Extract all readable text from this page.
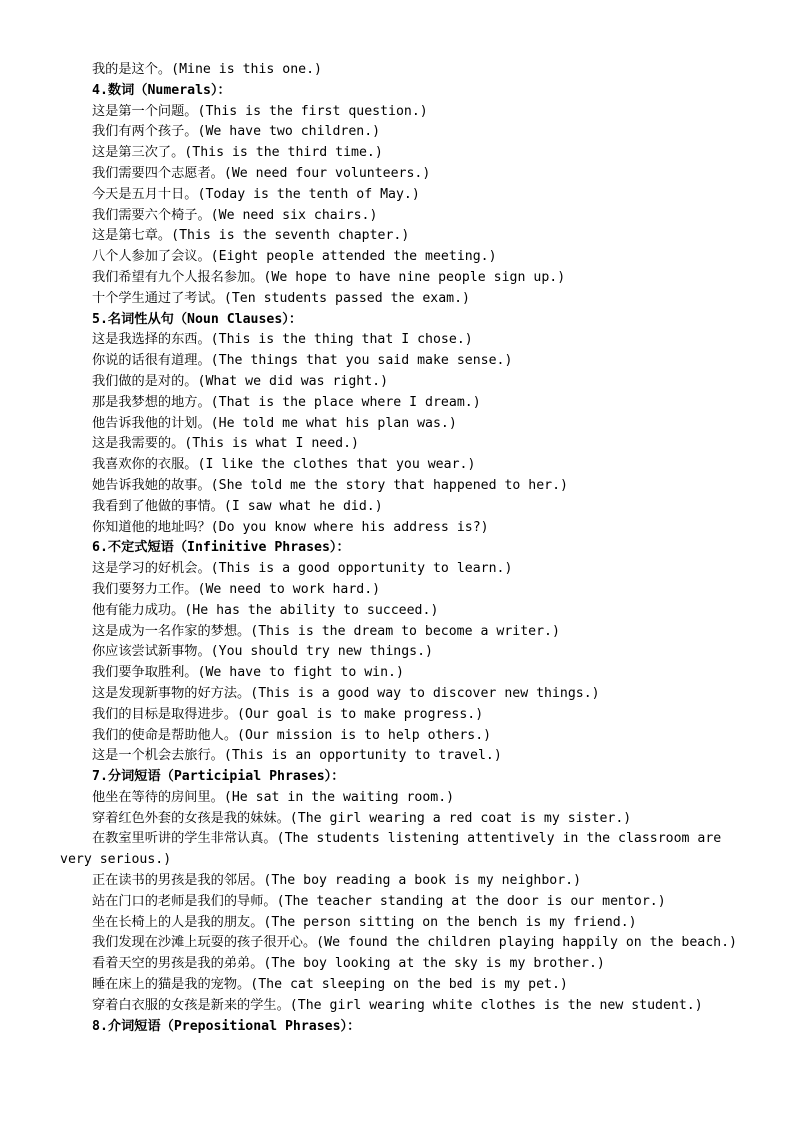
我的是这个。(Mine is this one.)
4.数词（Numerals）：
这是第一个问题。(This is the first question.)
我们有两个孩子。(We have two children.)
这是第三次了。(This is the third time.)
我们需要四个志愿者。(We need four volunteers.)
今天是五月十日。(Today is the tenth of May.)
我们需要六个椅子。(We need six chairs.)
这是第七章。(This is the seventh chapter.)
八个人参加了会议。(Eight people attended the meeting.)
我们希望有九个人报名参加。(We hope to have nine people sign up.)
十个学生通过了考试。(Ten students passed the exam.)
5.名词性从句（Noun Clauses）：
这是我选择的东西。(This is the thing that I chose.)
你说的话很有道理。(The things that you said make sense.)
我们做的是对的。(What we did was right.)
那是我梦想的地方。(That is the place where I dream.)
他告诉我他的计划。(He told me what his plan was.)
这是我需要的。(This is what I need.)
我喜欢你的衣服。(I like the clothes that you wear.)
她告诉我她的故事。(She told me the story that happened to her.)
我看到了他做的事情。(I saw what he did.)
你知道他的地址吗？(Do you know where his address is?)
6.不定式短语（Infinitive Phrases）：
这是学习的好机会。(This is a good opportunity to learn.)
我们要努力工作。(We need to work hard.)
他有能力成功。(He has the ability to succeed.)
这是成为一名作家的梦想。(This is the dream to become a writer.)
你应该尝试新事物。(You should try new things.)
我们要争取胜利。(We have to fight to win.)
这是发现新事物的好方法。(This is a good way to discover new things.)
我们的目标是取得进步。(Our goal is to make progress.)
我们的使命是帮助他人。(Our mission is to help others.)
这是一个机会去旅行。(This is an opportunity to travel.)
7.分词短语（Participial Phrases）：
他坐在等待的房间里。(He sat in the waiting room.)
穿着红色外套的女孩是我的妹妹。(The girl wearing a red coat is my sister.)
在教室里听讲的学生非常认真。(The students listening attentively in the classroom are very serious.)
正在读书的男孩是我的邻居。(The boy reading a book is my neighbor.)
站在门口的老师是我们的导师。(The teacher standing at the door is our mentor.)
坐在长椅上的人是我的朋友。(The person sitting on the bench is my friend.)
我们发现在沙滩上玩耍的孩子很开心。(We found the children playing happily on the beach.)
看着天空的男孩是我的弟弟。(The boy looking at the sky is my brother.)
睡在床上的猫是我的宠物。(The cat sleeping on the bed is my pet.)
穿着白衣服的女孩是新来的学生。(The girl wearing white clothes is the new student.)
8.介词短语（Prepositional Phrases）：
